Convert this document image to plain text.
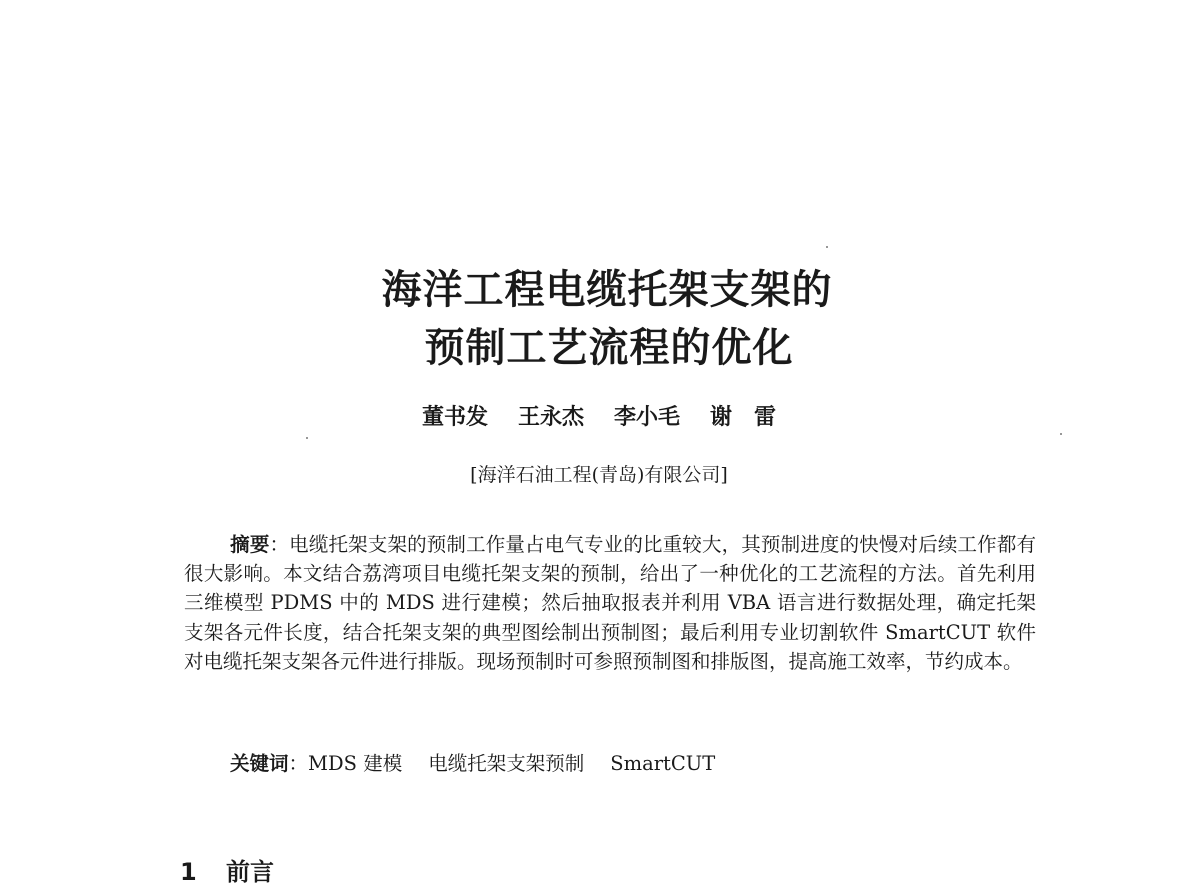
海洋工程电缆托架支架的
预制工艺流程的优化
董书发 王永杰 李小毛 谢　雷
[海洋石油工程(青岛)有限公司]
摘要：电缆托架支架的预制工作量占电气专业的比重较大，其预制进度的快慢对后续工作都有很大影响。本文结合荔湾项目电缆托架支架的预制，给出了一种优化的工艺流程的方法。首先利用三维模型 PDMS 中的 MDS 进行建模；然后抽取报表并利用 VBA 语言进行数据处理，确定托架支架各元件长度，结合托架支架的典型图绘制出预制图；最后利用专业切割软件 SmartCUT 软件对电缆托架支架各元件进行排版。现场预制时可参照预制图和排版图，提高施工效率，节约成本。
关键词：MDS 建模 电缆托架支架预制 SmartCUT
1 前言
